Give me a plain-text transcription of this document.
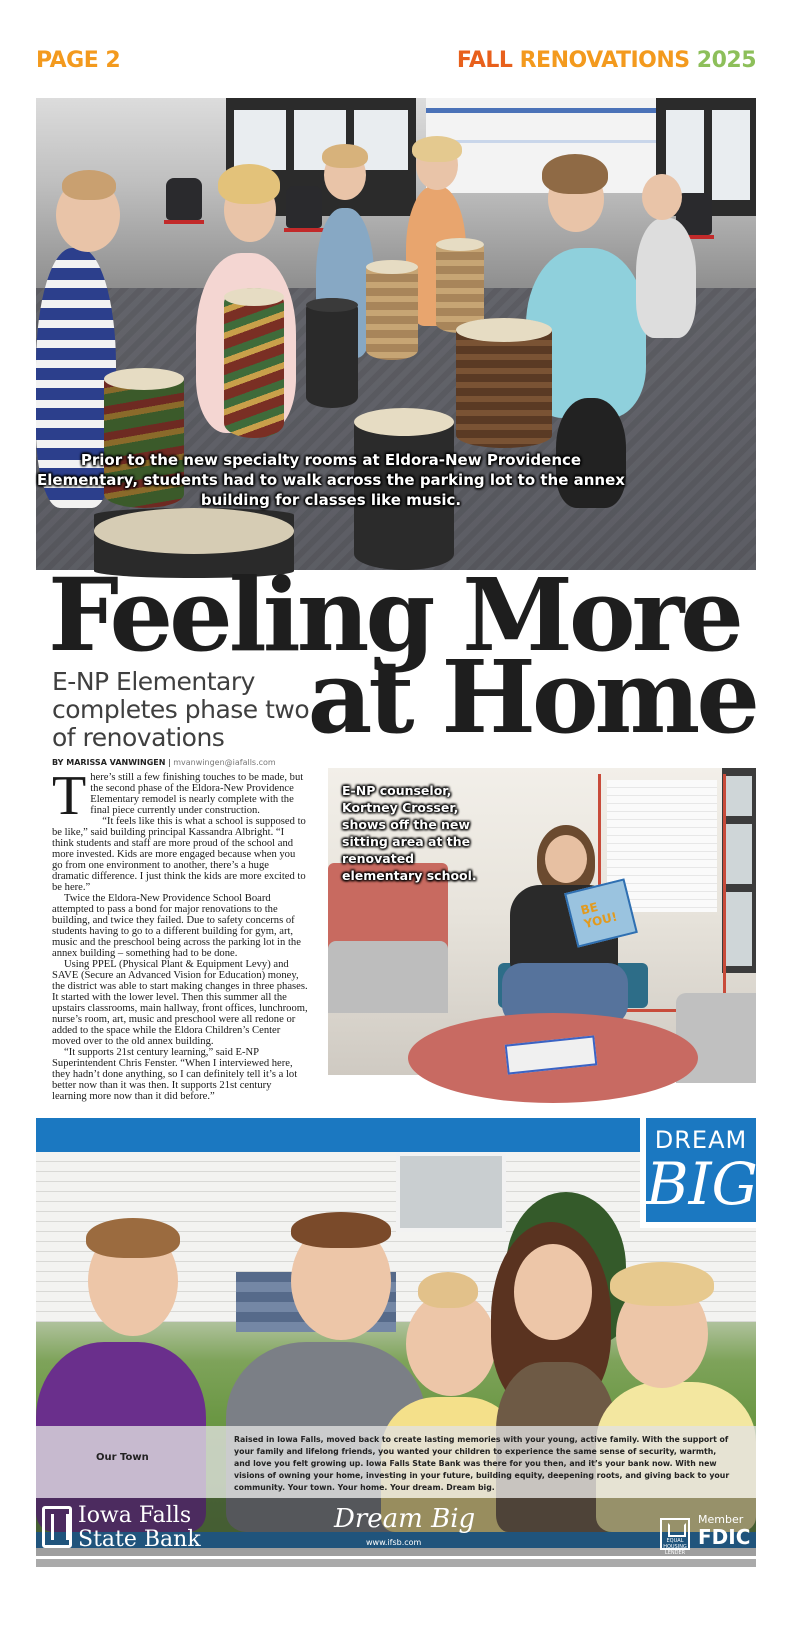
PAGE 2	FALL RENOVATIONS 2025
Prior to the new specialty rooms at Eldora-New Providence Elementary, students had to walk across the parking lot to the annex building for classes like music.
Feeling More
at Home
E-NP Elementary completes phase two of renovations
BY MARISSA VANWINGEN | mvanwingen@iafalls.com

There’s still a few finishing touches to be made, but the second phase of the Eldora-New Providence Elementary remodel is nearly complete with the final piece currently under construction.

“It feels like this is what a school is supposed to be like,” said building principal Kassandra Albright. “I think students and staff are more proud of the school and more invested. Kids are more engaged because when you go from one environment to another, there’s a huge dramatic difference. I just think the kids are more excited to be here.”

Twice the Eldora-New Providence School Board attempted to pass a bond for major renovations to the building, and twice they failed. Due to safety concerns of students having to go to a different building for gym, art, music and the preschool being across the parking lot in the annex building – something had to be done.

Using PPEL (Physical Plant & Equipment Levy) and SAVE (Secure an Advanced Vision for Education) money, the district was able to start making changes in three phases. It started with the lower level. Then this summer all the upstairs classrooms, main hallway, front offices, lunchroom, nurse’s room, art, music and preschool were all redone or added to the space while the Eldora Children’s Center moved over to the old annex building.

“It supports 21st century learning,” said E-NP Superintendent Chris Fenster. “When I interviewed here, they hadn’t done anything, so I can definitely tell it’s a lot better now than it was then. It supports 21st century learning more now than it did before.”

BE YOU!
E-NP counselor, Kortney Crosser, shows off the new sitting area at the renovated elementary school.
Our Town
Raised in Iowa Falls, moved back to create lasting memories with your young, active family. With the support of your family and lifelong friends, you wanted your children to experience the same sense of security, warmth, and love you felt growing up. Iowa Falls State Bank was there for you then, and it’s your bank now. With new visions of owning your home, investing in your future, building equity, deepening roots, and giving back to your community. Your town. Your home. Your dream. Dream big.
Iowa Falls
State Bank
Dream Big
www.ifsb.com	EQUAL HOUSING LENDER
Member
FDIC
DREAM
BIG
